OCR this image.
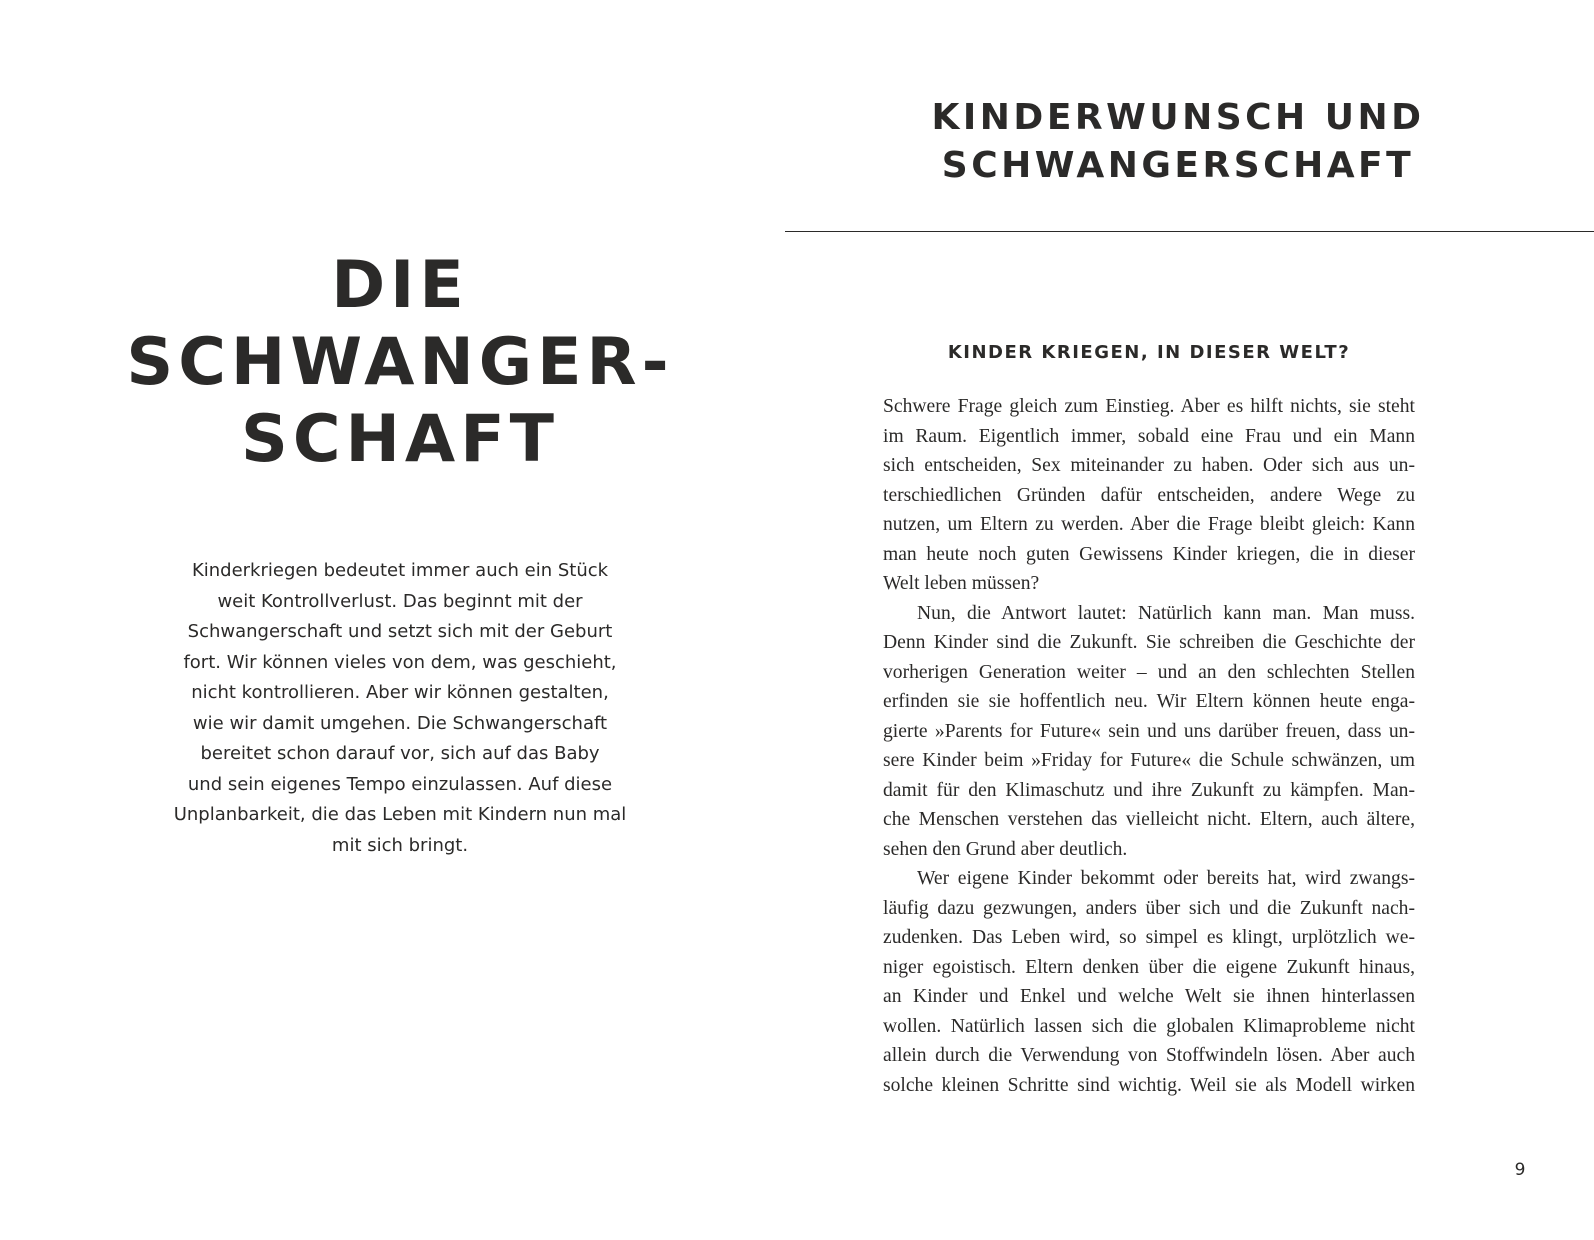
DIE
SCHWANGER-
SCHAFT
Kinderkriegen bedeutet immer auch ein Stück
weit Kontrollverlust. Das beginnt mit der
Schwangerschaft und setzt sich mit der Geburt
fort. Wir können vieles von dem, was geschieht,
nicht kontrollieren. Aber wir können gestalten,
wie wir damit umgehen. Die Schwangerschaft
bereitet schon darauf vor, sich auf das Baby
und sein eigenes Tempo einzulassen. Auf diese
Unplanbarkeit, die das Leben mit Kindern nun mal
mit sich bringt.
KINDERWUNSCH UND
SCHWANGERSCHAFT
KINDER KRIEGEN, IN DIESER WELT?
Schwere Frage gleich zum Einstieg. Aber es hilft nichts, sie steht
im Raum. Eigentlich immer, sobald eine Frau und ein Mann
sich entscheiden, Sex miteinander zu haben. Oder sich aus un-
terschiedlichen Gründen dafür entscheiden, andere Wege zu
nutzen, um Eltern zu werden. Aber die Frage bleibt gleich: Kann
man heute noch guten Gewissens Kinder kriegen, die in dieser
Welt leben müssen?
Nun, die Antwort lautet: Natürlich kann man. Man muss.
Denn Kinder sind die Zukunft. Sie schreiben die Geschichte der
vorherigen Generation weiter – und an den schlechten Stellen
erfinden sie sie hoffentlich neu. Wir Eltern können heute enga-
gierte »Parents for Future« sein und uns darüber freuen, dass un-
sere Kinder beim »Friday for Future« die Schule schwänzen, um
damit für den Klimaschutz und ihre Zukunft zu kämpfen. Man-
che Menschen verstehen das vielleicht nicht. Eltern, auch ältere,
sehen den Grund aber deutlich.
Wer eigene Kinder bekommt oder bereits hat, wird zwangs-
läufig dazu gezwungen, anders über sich und die Zukunft nach-
zudenken. Das Leben wird, so simpel es klingt, urplötzlich we-
niger egoistisch. Eltern denken über die eigene Zukunft hinaus,
an Kinder und Enkel und welche Welt sie ihnen hinterlassen
wollen. Natürlich lassen sich die globalen Klimaprobleme nicht
allein durch die Verwendung von Stoffwindeln lösen. Aber auch
solche kleinen Schritte sind wichtig. Weil sie als Modell wirken
9
